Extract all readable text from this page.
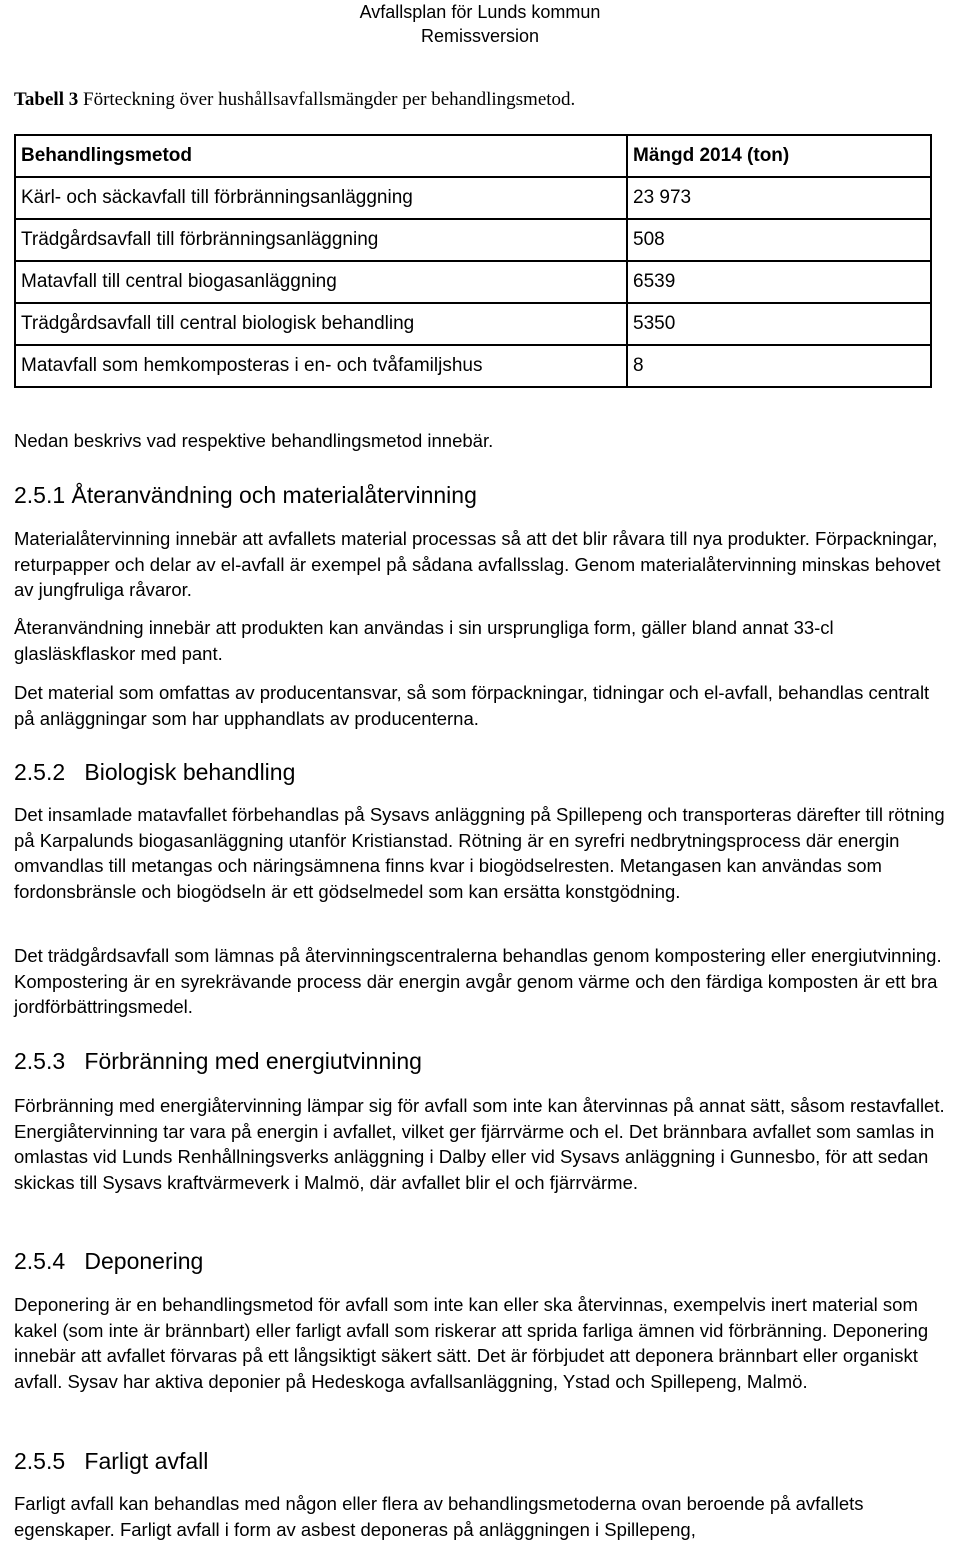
Avfallsplan för Lunds kommun
Remissversion
Tabell 3 Förteckning över hushållsavfallsmängder per behandlingsmetod.
Behandlingsmetod	Mängd 2014 (ton)
Kärl- och säckavfall till förbränningsanläggning	23 973
Trädgårdsavfall till förbränningsanläggning	508
Matavfall till central biogasanläggning	6539
Trädgårdsavfall till central biologisk behandling	5350
Matavfall som hemkomposteras i en- och tvåfamiljshus	8

Nedan beskrivs vad respektive behandlingsmetod innebär.

2.5.1 Återanvändning och materialåtervinning

Materialåtervinning innebär att avfallets material processas så att det blir råvara till nya produkter. Förpackningar, returpapper och delar av el-avfall är exempel på sådana avfallsslag. Genom materialåtervinning minskas behovet av jungfruliga råvaror.

Återanvändning innebär att produkten kan användas i sin ursprungliga form, gäller bland annat 33-cl glasläskflaskor med pant.

Det material som omfattas av producentansvar, så som förpackningar, tidningar och el-avfall, behandlas centralt på anläggningar som har upphandlats av producenterna.

2.5.2 Biologisk behandling

Det insamlade matavfallet förbehandlas på Sysavs anläggning på Spillepeng och transporteras därefter till rötning på Karpalunds biogasanläggning utanför Kristianstad. Rötning är en syrefri nedbrytningsprocess där energin omvandlas till metangas och näringsämnena finns kvar i biogödselresten. Metangasen kan användas som fordonsbränsle och biogödseln är ett gödselmedel som kan ersätta konstgödning.

Det trädgårdsavfall som lämnas på återvinningscentralerna behandlas genom kompostering eller energiutvinning. Kompostering är en syrekrävande process där energin avgår genom värme och den färdiga komposten är ett bra jordförbättringsmedel.

2.5.3 Förbränning med energiutvinning

Förbränning med energiåtervinning lämpar sig för avfall som inte kan återvinnas på annat sätt, såsom restavfallet. Energiåtervinning tar vara på energin i avfallet, vilket ger fjärrvärme och el. Det brännbara avfallet som samlas in omlastas vid Lunds Renhållningsverks anläggning i Dalby eller vid Sysavs anläggning i Gunnesbo, för att sedan skickas till Sysavs kraftvärmeverk i Malmö, där avfallet blir el och fjärrvärme.

2.5.4 Deponering

Deponering är en behandlingsmetod för avfall som inte kan eller ska återvinnas, exempelvis inert material som kakel (som inte är brännbart) eller farligt avfall som riskerar att sprida farliga ämnen vid förbränning. Deponering innebär att avfallet förvaras på ett långsiktigt säkert sätt. Det är förbjudet att deponera brännbart eller organiskt avfall. Sysav har aktiva deponier på Hedeskoga avfallsanläggning, Ystad och Spillepeng, Malmö.

2.5.5 Farligt avfall

Farligt avfall kan behandlas med någon eller flera av behandlingsmetoderna ovan beroende på avfallets egenskaper. Farligt avfall i form av asbest deponeras på anläggningen i Spillepeng,
